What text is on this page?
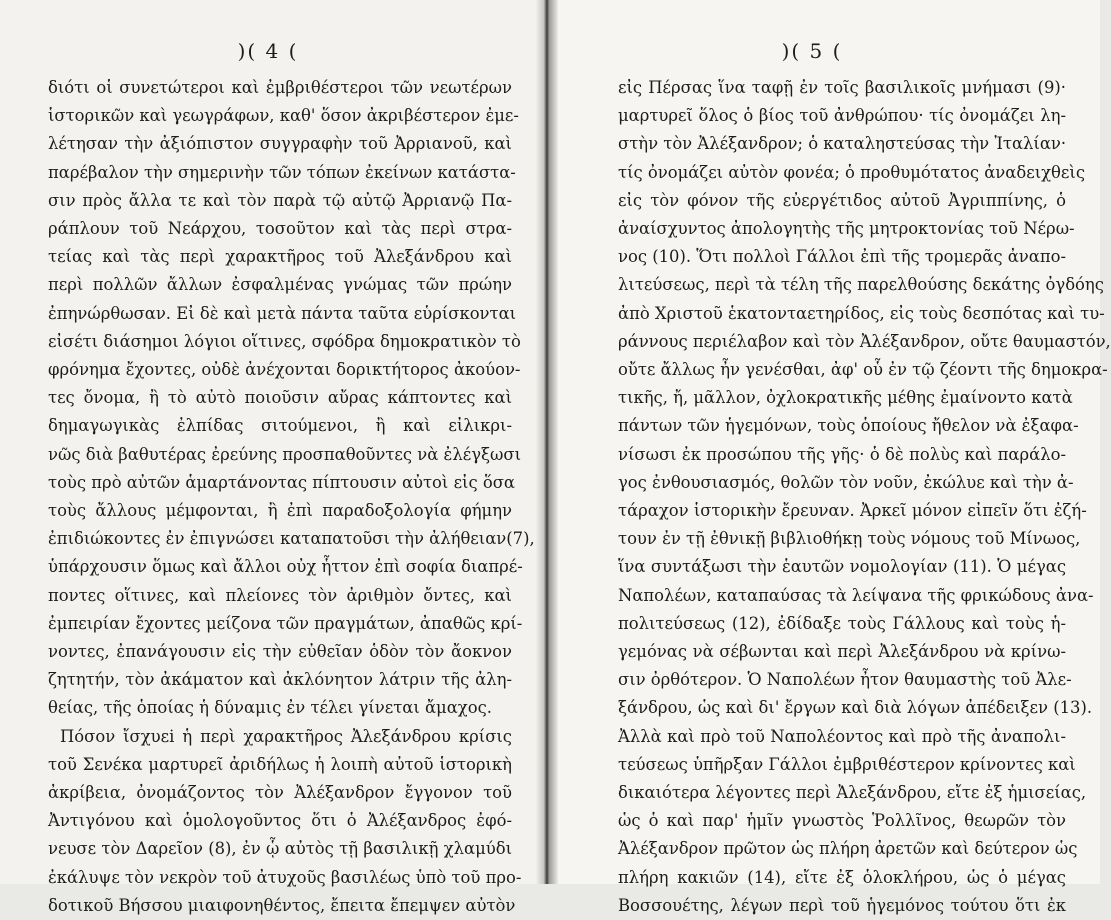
)( 4 (
διότι οἱ συνετώτεροι καὶ ἐμβριθέστεροι τῶν νεωτέρων
ἱστορικῶν καὶ γεωγράφων, καθ' ὅσον ἀκριβέστερον ἐμε-
λέτησαν τὴν ἀξιόπιστον συγγραφὴν τοῦ Ἀρριανοῦ, καὶ
παρέβαλον τὴν σημερινὴν τῶν τόπων ἐκείνων κατάστα-
σιν πρὸς ἄλλα τε καὶ τὸν παρὰ τῷ αὐτῷ Ἀρριανῷ Πα-
ράπλουν τοῦ Νεάρχου, τοσοῦτον καὶ τὰς περὶ στρα-
τείας καὶ τὰς περὶ χαρακτῆρος τοῦ Ἀλεξάνδρου καὶ
περὶ πολλῶν ἄλλων ἐσφαλμένας γνώμας τῶν πρώην
ἐπηνώρθωσαν. Εἰ δὲ καὶ μετὰ πάντα ταῦτα εὑρίσκονται
εἰσέτι διάσημοι λόγιοι οἵτινες, σφόδρα δημοκρατικὸν τὸ
φρόνημα ἔχοντες, οὐδὲ ἀνέχονται δορικτήτορος ἀκούον-
τες ὄνομα, ἢ τὸ αὐτὸ ποιοῦσιν αὔρας κάπτοντες καὶ
δημαγωγικὰς ἐλπίδας σιτούμενοι, ἢ καὶ εἰλικρι-
νῶς διὰ βαθυτέρας ἐρεύνης προσπαθοῦντες νὰ ἐλέγξωσι
τοὺς πρὸ αὐτῶν ἁμαρτάνοντας πίπτουσιν αὐτοὶ εἰς ὅσα
τοὺς ἄλλους μέμφονται, ἢ ἐπὶ παραδοξολογία φήμην
ἐπιδιώκοντες ἐν ἐπιγνώσει καταπατοῦσι τὴν ἀλήθειαν(7),
ὑπάρχουσιν ὅμως καὶ ἄλλοι οὐχ ἧττον ἐπὶ σοφία διαπρέ-
ποντες οἵτινες, καὶ πλείονες τὸν ἀριθμὸν ὄντες, καὶ
ἐμπειρίαν ἔχοντες μείζονα τῶν πραγμάτων, ἀπαθῶς κρί-
νοντες, ἐπανάγουσιν εἰς τὴν εὐθεῖαν ὁδὸν τὸν ἄοκνον
ζητητήν, τὸν ἀκάματον καὶ ἀκλόνητον λάτριν τῆς ἀλη-
θείας, τῆς ὁποίας ἡ δύναμις ἐν τέλει γίνεται ἄμαχος.
Πόσον ἴσχυεi ἡ περὶ χαρακτῆρος Ἀλεξάνδρου κρίσις
τοῦ Σενέκα μαρτυρεῖ ἀριδήλως ἡ λοιπὴ αὐτοῦ ἱστορικὴ
ἀκρίβεια, ὀνομάζοντος τὸν Ἀλέξανδρον ἔγγονον τοῦ
Ἀντιγόνου καὶ ὁμολογοῦντος ὅτι ὁ Ἀλέξανδρος ἐφό-
νευσε τὸν Δαρεῖον (8), ἐν ᾧ αὐτὸς τῇ βασιλικῇ χλαμύδι
ἐκάλυψε τὸν νεκρὸν τοῦ ἀτυχοῦς βασιλέως ὑπὸ τοῦ προ-
δοτικοῦ Βήσσου μιαιφονηθέντος, ἔπειτα ἔπεμψεν αὐτὸν
)( 5 (
εἰς Πέρσας ἵνα ταφῇ ἐν τοῖς βασιλικοῖς μνήμασι (9)·
μαρτυρεῖ ὅλος ὁ βίος τοῦ ἀνθρώπου· τίς ὀνομάζει λη-
στὴν τὸν Ἀλέξανδρον; ὁ καταληστεύσας τὴν Ἰταλίαν·
τίς ὀνομάζει αὐτὸν φονέα; ὁ προθυμότατος ἀναδειχθεὶς
εἰς τὸν φόνον τῆς εὐεργέτιδος αὐτοῦ Ἀγριππίνης, ὁ
ἀναίσχυντος ἀπολογητὴς τῆς μητροκτονίας τοῦ Νέρω-
νος (10). Ὅτι πολλοὶ Γάλλοι ἐπὶ τῆς τρομερᾶς ἀναπο-
λιτεύσεως, περὶ τὰ τέλη τῆς παρελθούσης δεκάτης ὀγδόης
ἀπὸ Χριστοῦ ἑκατονταετηρίδος, εἰς τοὺς δεσπότας καὶ τυ-
ράννους περιέλαβον καὶ τὸν Ἀλέξανδρον, οὔτε θαυμαστόν,
οὔτε ἄλλως ἦν γενέσθαι, ἀφ' οὗ ἐν τῷ ζέοντι τῆς δημοκρα-
τικῆς, ἤ, μᾶλλον, ὀχλοκρατικῆς μέθης ἐμαίνοντο κατὰ
πάντων τῶν ἡγεμόνων, τοὺς ὁποίους ἤθελον νὰ ἐξαφα-
νίσωσι ἐκ προσώπου τῆς γῆς· ὁ δὲ πολὺς καὶ παράλο-
γος ἐνθουσιασμός, θολῶν τὸν νοῦν, ἐκώλυε καὶ τὴν ἀ-
τάραχον ἱστορικὴν ἔρευναν. Ἀρκεῖ μόνον εἰπεῖν ὅτι ἐζή-
τουν ἐν τῇ ἐθνικῇ βιβλιοθήκῃ τοὺς νόμους τοῦ Μίνωος,
ἵνα συντάξωσι τὴν ἑαυτῶν νομολογίαν (11). Ὁ μέγας
Ναπολέων, καταπαύσας τὰ λείψανα τῆς φρικώδους ἀνα-
πολιτεύσεως (12), ἐδίδαξε τοὺς Γάλλους καὶ τοὺς ἡ-
γεμόνας νὰ σέβωνται καὶ περὶ Ἀλεξάνδρου νὰ κρίνω-
σιν ὀρθότερον. Ὁ Ναπολέων ἦτον θαυμαστὴς τοῦ Ἀλε-
ξάνδρου, ὡς καὶ δι' ἔργων καὶ διὰ λόγων ἀπέδειξεν (13).
Ἀλλὰ καὶ πρὸ τοῦ Ναπολέοντος καὶ πρὸ τῆς ἀναπολι-
τεύσεως ὑπῆρξαν Γάλλοι ἐμβριθέστερον κρίνοντες καὶ
δικαιότερα λέγοντες περὶ Ἀλεξάνδρου, εἴτε ἐξ ἡμισείας,
ὡς ὁ καὶ παρ' ἡμῖν γνωστὸς Ῥολλῖνος, θεωρῶν τὸν
Ἀλέξανδρον πρῶτον ὡς πλήρη ἀρετῶν καὶ δεύτερον ὡς
πλήρη κακιῶν (14), εἴτε ἐξ ὁλοκλήρου, ὡς ὁ μέγας
Βοσσουέτης, λέγων περὶ τοῦ ἡγεμόνος τούτου ὅτι ἐκ
